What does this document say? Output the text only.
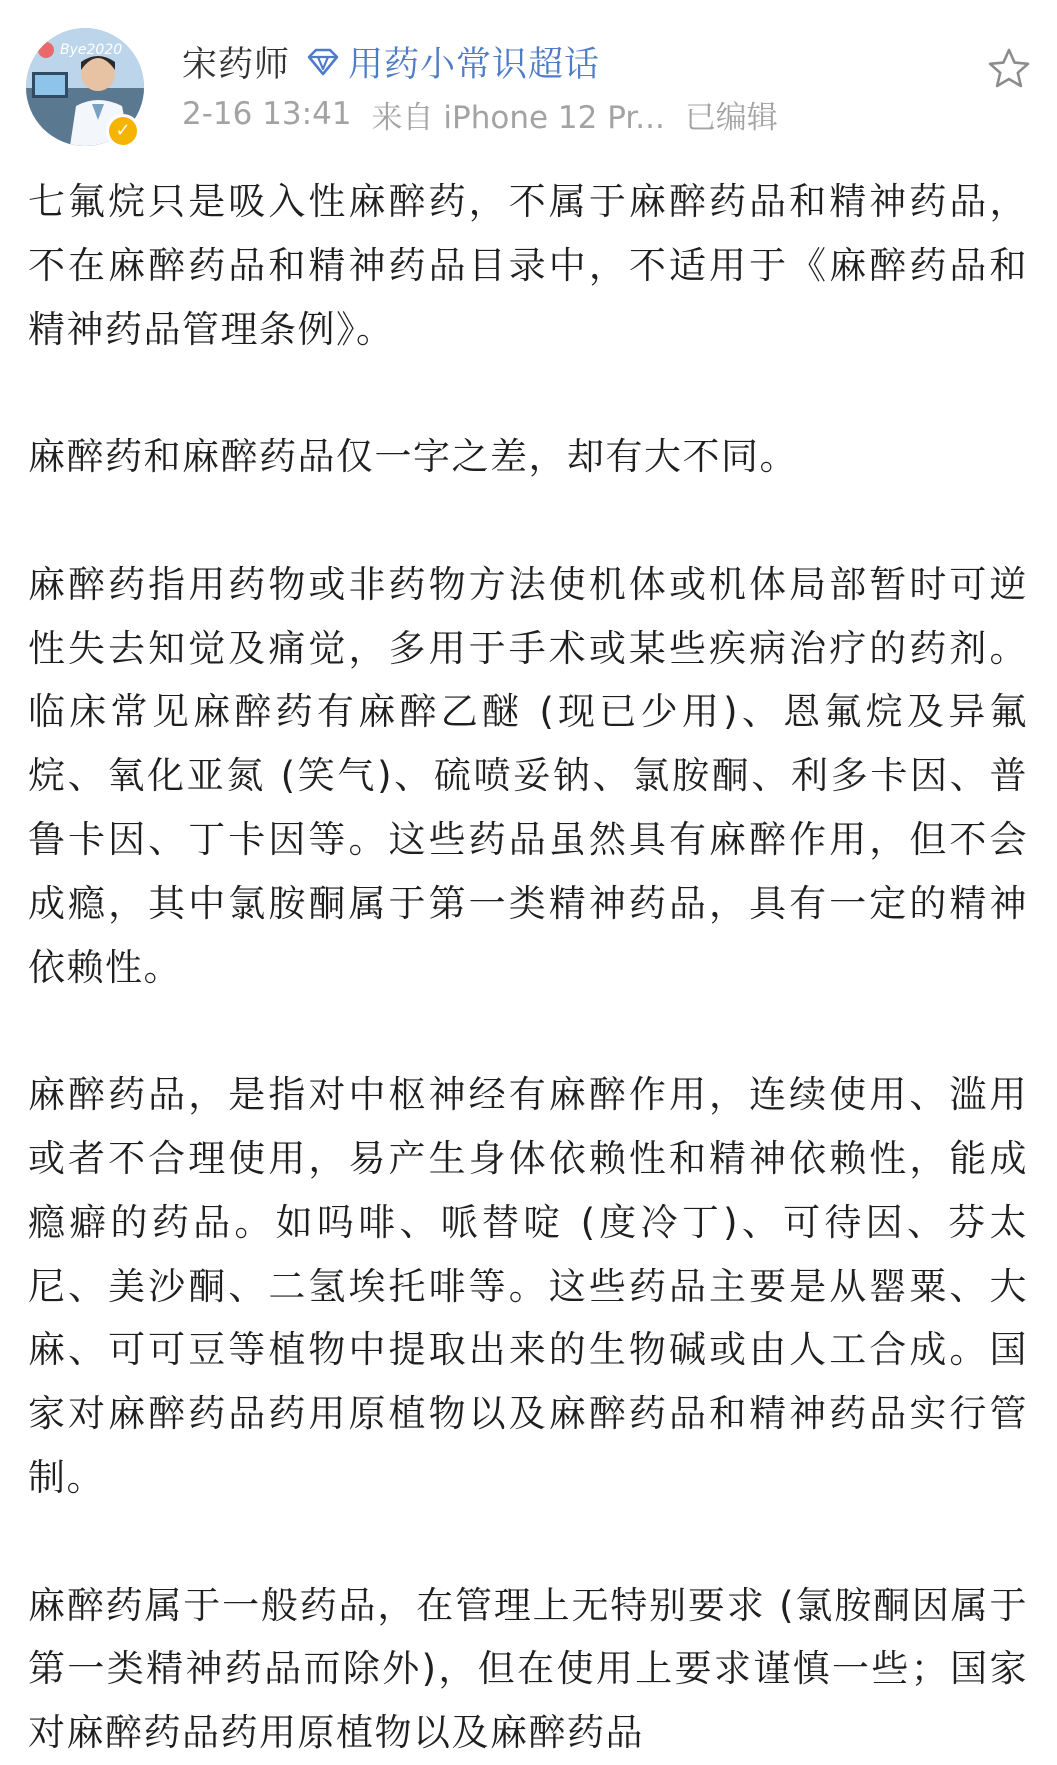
Bye2020
✓
宋药师 用药小常识超话
2-16 13:41 来自 iPhone 12 Pr... 已编辑

七氟烷只是吸入性麻醉药，不属于麻醉药品和精神药品，不在麻醉药品和精神药品目录中，不适用于《麻醉药品和精神药品管理条例》。

麻醉药和麻醉药品仅一字之差，却有大不同。

麻醉药指用药物或非药物方法使机体或机体局部暂时可逆性失去知觉及痛觉，多用于手术或某些疾病治疗的药剂。临床常见麻醉药有麻醉乙醚 (现已少用)、恩氟烷及异氟烷、氧化亚氮 (笑气)、硫喷妥钠、氯胺酮、利多卡因、普鲁卡因、丁卡因等。这些药品虽然具有麻醉作用，但不会成瘾，其中氯胺酮属于第一类精神药品，具有一定的精神依赖性。

麻醉药品，是指对中枢神经有麻醉作用，连续使用、滥用或者不合理使用，易产生身体依赖性和精神依赖性，能成瘾癖的药品。如吗啡、哌替啶 (度冷丁)、可待因、芬太尼、美沙酮、二氢埃托啡等。这些药品主要是从罂粟、大麻、可可豆等植物中提取出来的生物碱或由人工合成。国家对麻醉药品药用原植物以及麻醉药品和精神药品实行管制。

麻醉药属于一般药品，在管理上无特别要求 (氯胺酮因属于第一类精神药品而除外)，但在使用上要求谨慎一些；国家对麻醉药品药用原植物以及麻醉药品
